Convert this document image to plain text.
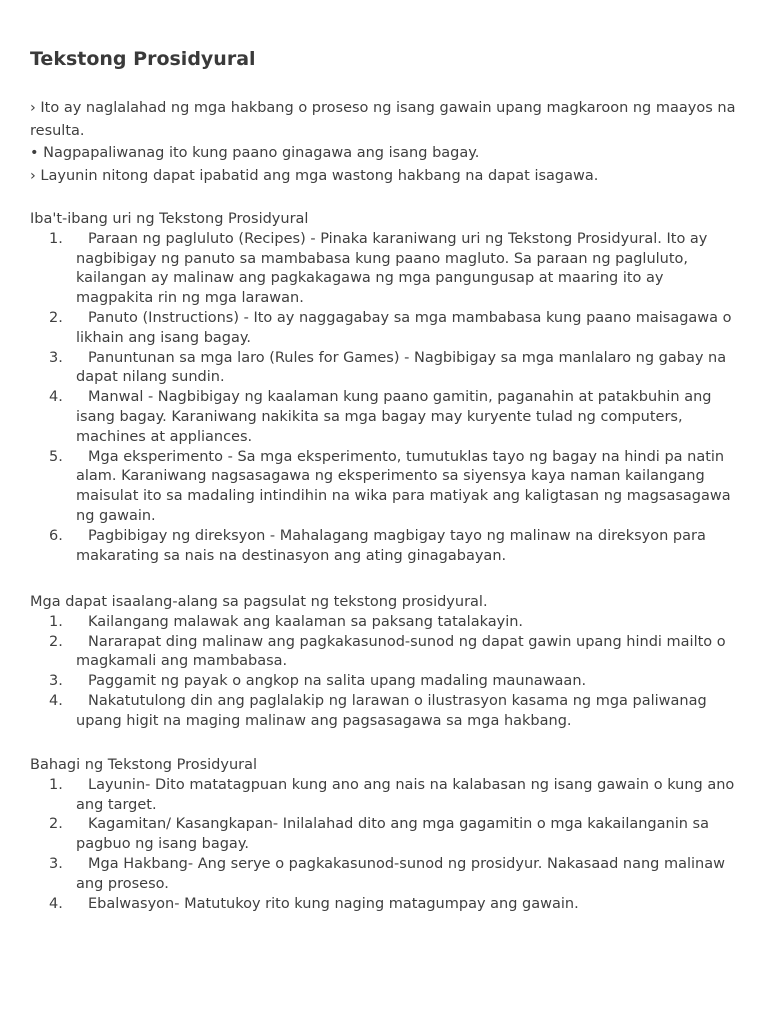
Tekstong Prosidyural

› Ito ay naglalahad ng mga hakbang o proseso ng isang gawain upang magkaroon ng maayos na resulta.

• Nagpapaliwanag ito kung paano ginagawa ang isang bagay.

› Layunin nitong dapat ipabatid ang mga wastong hakbang na dapat isagawa.

Iba't-ibang uri ng Tekstong Prosidyural

1. Paraan ng pagluluto (Recipes) - Pinaka karaniwang uri ng Tekstong Prosidyural. Ito ay nagbibigay ng panuto sa mambabasa kung paano magluto. Sa paraan ng pagluluto, kailangan ay malinaw ang pagkakagawa ng mga pangungusap at maaring ito ay magpakita rin ng mga larawan.
2. Panuto (Instructions) - Ito ay naggagabay sa mga mambabasa kung paano maisagawa o likhain ang isang bagay.
3. Panuntunan sa mga laro (Rules for Games) - Nagbibigay sa mga manlalaro ng gabay na dapat nilang sundin.
4. Manwal - Nagbibigay ng kaalaman kung paano gamitin, paganahin at patakbuhin ang isang bagay. Karaniwang nakikita sa mga bagay may kuryente tulad ng computers, machines at appliances.
5. Mga eksperimento - Sa mga eksperimento, tumutuklas tayo ng bagay na hindi pa natin alam. Karaniwang nagsasagawa ng eksperimento sa siyensya kaya naman kailangang maisulat ito sa madaling intindihin na wika para matiyak ang kaligtasan ng magsasagawa ng gawain.
6. Pagbibigay ng direksyon - Mahalagang magbigay tayo ng malinaw na direksyon para makarating sa nais na destinasyon ang ating ginagabayan.

Mga dapat isaalang-alang sa pagsulat ng tekstong prosidyural.

1. Kailangang malawak ang kaalaman sa paksang tatalakayin.
2. Nararapat ding malinaw ang pagkakasunod-sunod ng dapat gawin upang hindi mailto o magkamali ang mambabasa.
3. Paggamit ng payak o angkop na salita upang madaling maunawaan.
4. Nakatutulong din ang paglalakip ng larawan o ilustrasyon kasama ng mga paliwanag upang higit na maging malinaw ang pagsasagawa sa mga hakbang.

Bahagi ng Tekstong Prosidyural

1. Layunin- Dito matatagpuan kung ano ang nais na kalabasan ng isang gawain o kung ano ang target.
2. Kagamitan/ Kasangkapan- Inilalahad dito ang mga gagamitin o mga kakailanganin sa pagbuo ng isang bagay.
3. Mga Hakbang- Ang serye o pagkakasunod-sunod ng prosidyur. Nakasaad nang malinaw ang proseso.
4. Ebalwasyon- Matutukoy rito kung naging matagumpay ang gawain.
